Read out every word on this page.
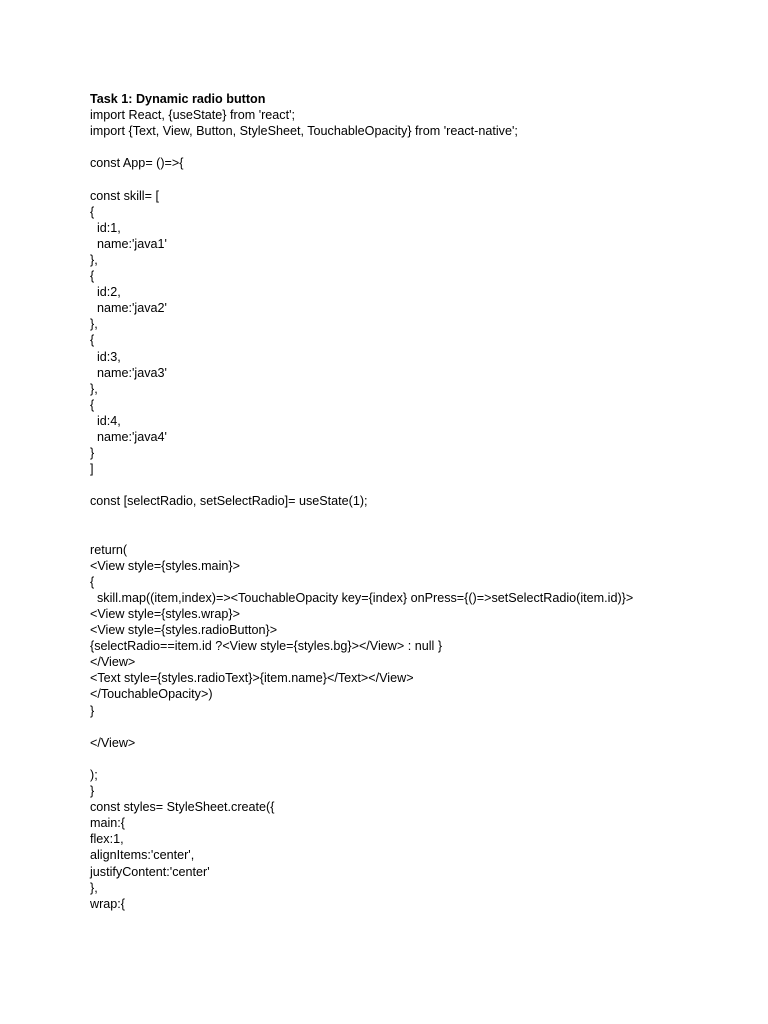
Task 1: Dynamic radio button
import React, {useState} from 'react';
import {Text, View, Button, StyleSheet, TouchableOpacity} from 'react-native';
const App= ()=>{
const skill= [
{
id:1,
name:'java1'
},
{
id:2,
name:'java2'
},
{
id:3,
name:'java3'
},
{
id:4,
name:'java4'
}
]
const [selectRadio, setSelectRadio]= useState(1);
return(
<View style={styles.main}>
{
skill.map((item,index)=><TouchableOpacity key={index} onPress={()=>setSelectRadio(item.id)}>
<View style={styles.wrap}>
<View style={styles.radioButton}>
{selectRadio==item.id ?<View style={styles.bg}></View> : null }
</View>
<Text style={styles.radioText}>{item.name}</Text></View>
</TouchableOpacity>)
}
</View>
);
}
const styles= StyleSheet.create({
main:{
flex:1,
alignItems:'center',
justifyContent:'center'
},
wrap:{
